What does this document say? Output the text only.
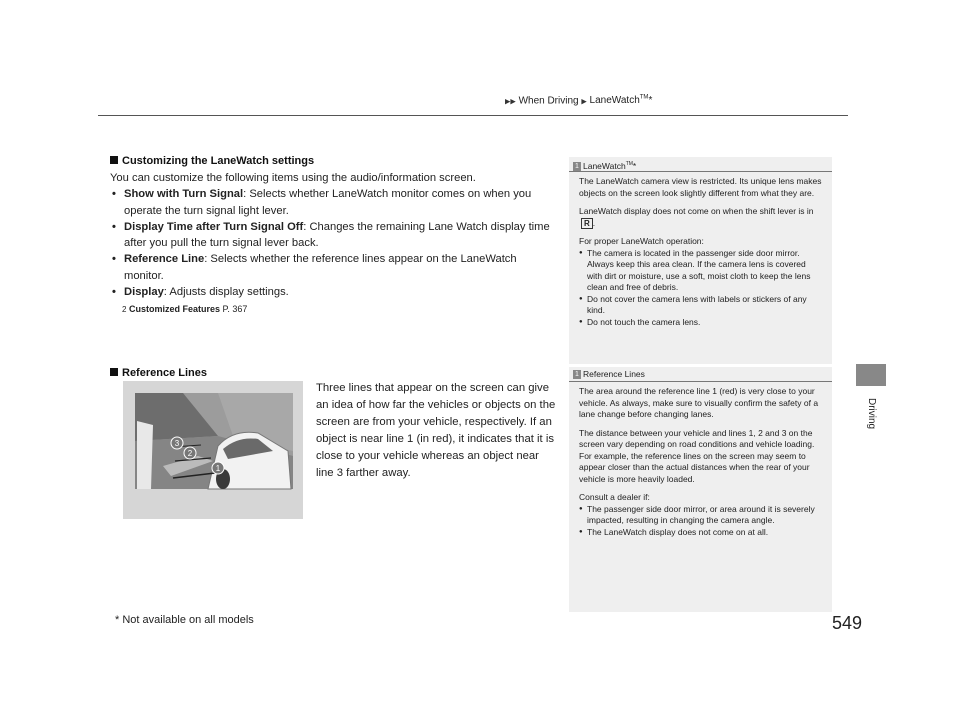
▶▶ When Driving ▶ LaneWatch™*
Driving
Customizing the LaneWatch settings
You can customize the following items using the audio/information screen.
• Show with Turn Signal: Selects whether LaneWatch monitor comes on when you operate the turn signal light lever.
• Display Time after Turn Signal Off: Changes the remaining Lane Watch display time after you pull the turn signal lever back.
• Reference Line: Selects whether the reference lines appear on the LaneWatch monitor.
• Display: Adjusts display settings.
2 Customized Features P. 367
Reference Lines
1
2
3
Three lines that appear on the screen can give an idea of how far the vehicles or objects on the screen are from your vehicle, respectively. If an object is near line 1 (in red), it indicates that it is close to your vehicle whereas an object near line 3 farther away.
1 LaneWatch™*

The LaneWatch camera view is restricted. Its unique lens makes objects on the screen look slightly different from what they are.

LaneWatch display does not come on when the shift lever is in R .

For proper LaneWatch operation:

● The camera is located in the passenger side door mirror. Always keep this area clean. If the camera lens is covered with dirt or moisture, use a soft, moist cloth to keep the lens clean and free of debris.
● Do not cover the camera lens with labels or stickers of any kind.
● Do not touch the camera lens.
1 Reference Lines

The area around the reference line 1 (red) is very close to your vehicle. As always, make sure to visually confirm the safety of a lane change before changing lanes.

The distance between your vehicle and lines 1, 2 and 3 on the screen vary depending on road conditions and vehicle loading. For example, the reference lines on the screen may seem to appear closer than the actual distances when the rear of your vehicle is more heavily loaded.

Consult a dealer if:

● The passenger side door mirror, or area around it is severely impacted, resulting in changing the camera angle.
● The LaneWatch display does not come on at all.
* Not available on all models	549
